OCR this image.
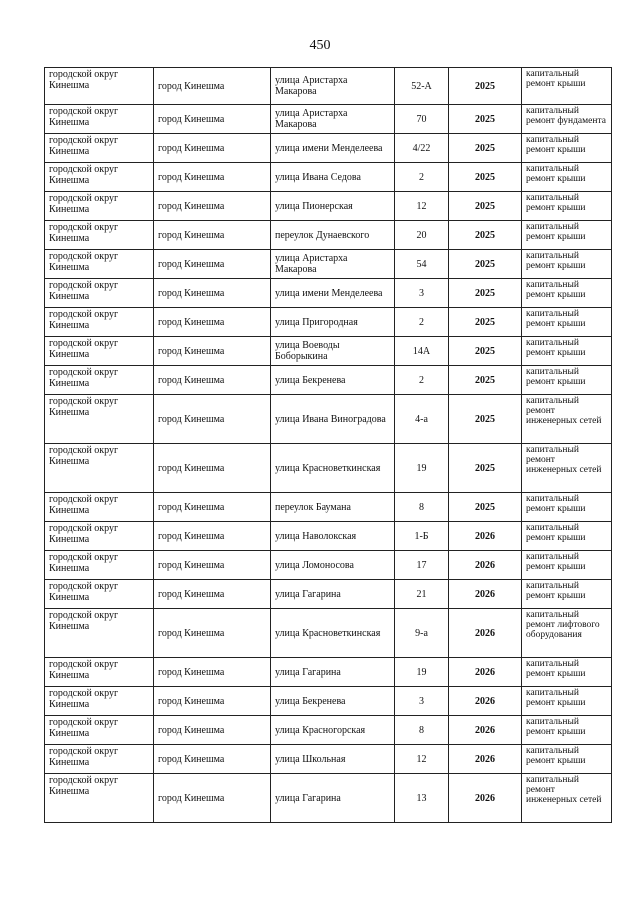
450
городской округ Кинешма	город Кинешма	улица Аристарха Макарова	52-А	2025	капитальный ремонт крыши
городской округ Кинешма	город Кинешма	улица Аристарха Макарова	70	2025	капитальный ремонт фундамента
городской округ Кинешма	город Кинешма	улица имени Менделеева	4/22	2025	капитальный ремонт крыши
городской округ Кинешма	город Кинешма	улица Ивана Седова	2	2025	капитальный ремонт крыши
городской округ Кинешма	город Кинешма	улица Пионерская	12	2025	капитальный ремонт крыши
городской округ Кинешма	город Кинешма	переулок Дунаевского	20	2025	капитальный ремонт крыши
городской округ Кинешма	город Кинешма	улица Аристарха Макарова	54	2025	капитальный ремонт крыши
городской округ Кинешма	город Кинешма	улица имени Менделеева	3	2025	капитальный ремонт крыши
городской округ Кинешма	город Кинешма	улица Пригородная	2	2025	капитальный ремонт крыши
городской округ Кинешма	город Кинешма	улица Воеводы Боборыкина	14А	2025	капитальный ремонт крыши
городской округ Кинешма	город Кинешма	улица Бекренева	2	2025	капитальный ремонт крыши
городской округ Кинешма	город Кинешма	улица Ивана Виноградова	4-а	2025	капитальный ремонт инженерных сетей
городской округ Кинешма	город Кинешма	улица Красноветкинская	19	2025	капитальный ремонт инженерных сетей
городской округ Кинешма	город Кинешма	переулок Баумана	8	2025	капитальный ремонт крыши
городской округ Кинешма	город Кинешма	улица Наволокская	1-Б	2026	капитальный ремонт крыши
городской округ Кинешма	город Кинешма	улица Ломоносова	17	2026	капитальный ремонт крыши
городской округ Кинешма	город Кинешма	улица Гагарина	21	2026	капитальный ремонт крыши
городской округ Кинешма	город Кинешма	улица Красноветкинская	9-а	2026	капитальный ремонт лифтового оборудования
городской округ Кинешма	город Кинешма	улица Гагарина	19	2026	капитальный ремонт крыши
городской округ Кинешма	город Кинешма	улица Бекренева	3	2026	капитальный ремонт крыши
городской округ Кинешма	город Кинешма	улица Красногорская	8	2026	капитальный ремонт крыши
городской округ Кинешма	город Кинешма	улица Школьная	12	2026	капитальный ремонт крыши
городской округ Кинешма	город Кинешма	улица Гагарина	13	2026	капитальный ремонт инженерных сетей
